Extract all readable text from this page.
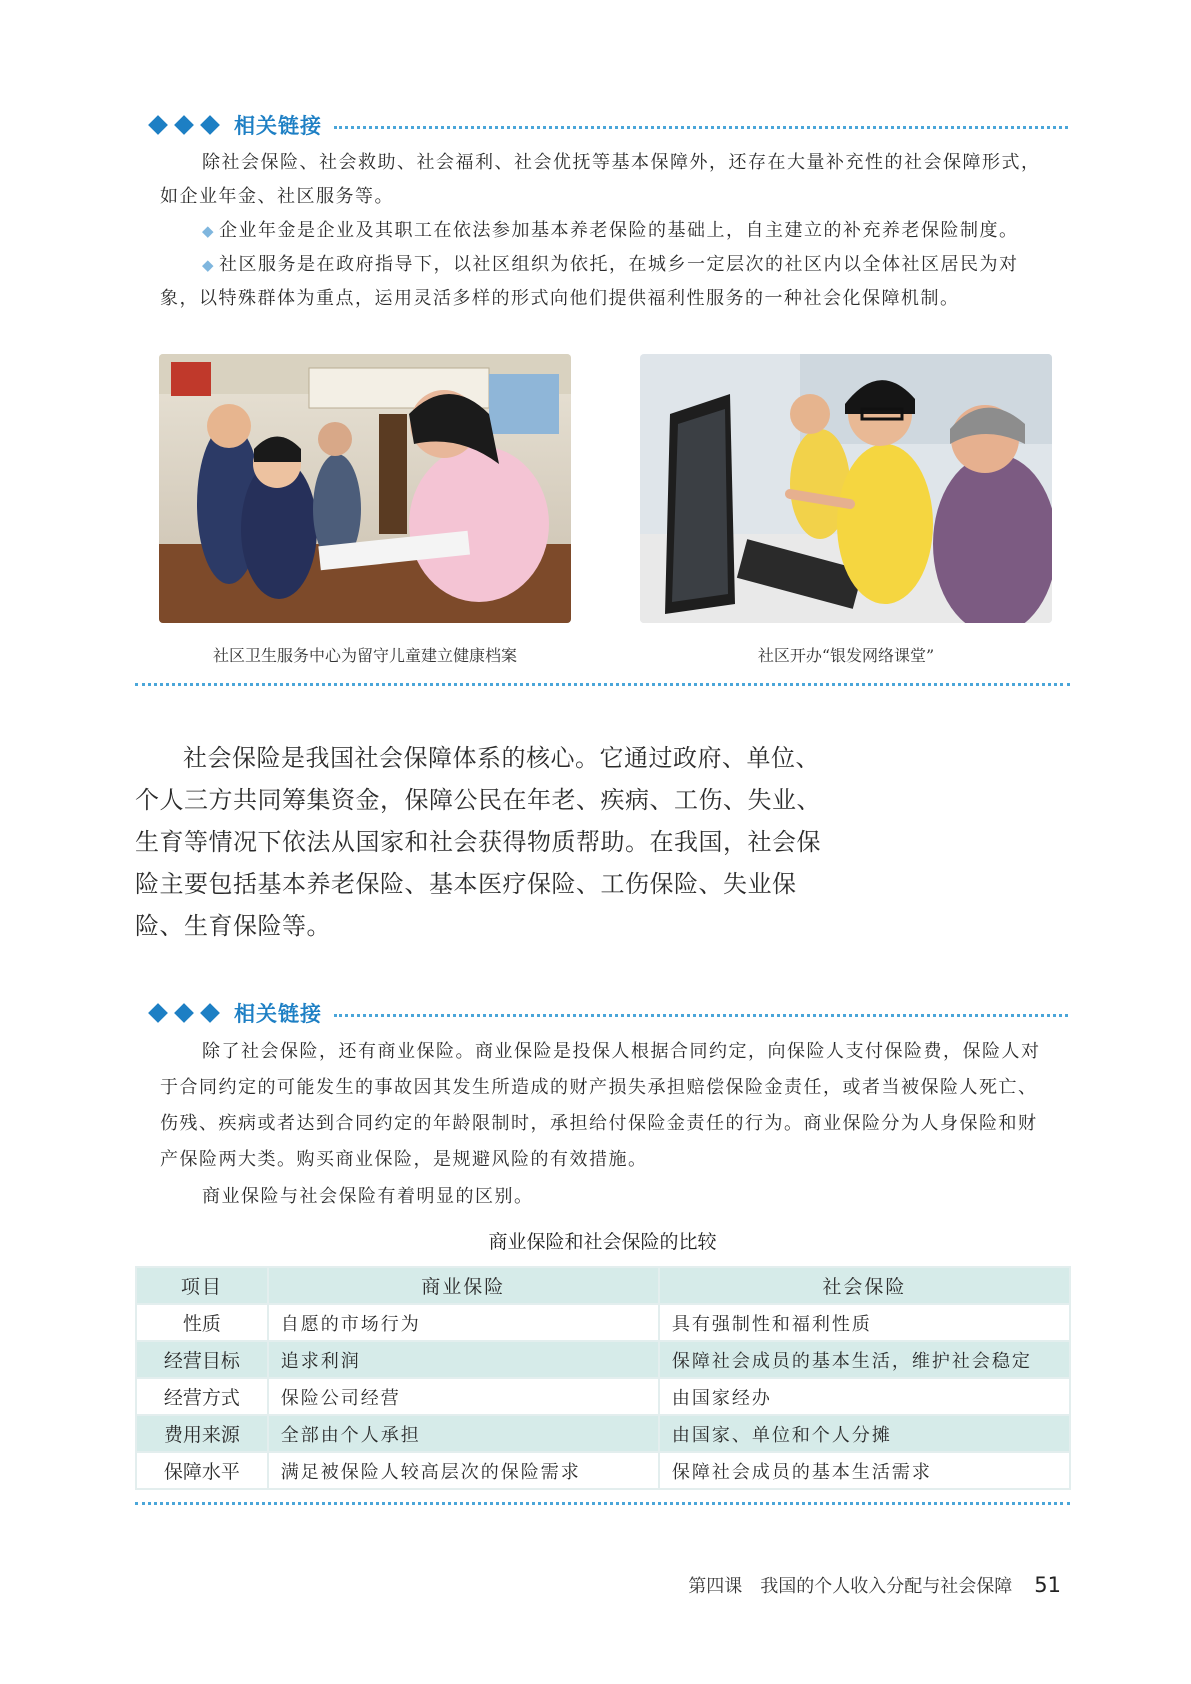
相关链接

除社会保险、社会救助、社会福利、社会优抚等基本保障外，还存在大量补充性的社会保障形式，如企业年金、社区服务等。

◆ 企业年金是企业及其职工在依法参加基本养老保险的基础上，自主建立的补充养老保险制度。

◆ 社区服务是在政府指导下，以社区组织为依托，在城乡一定层次的社区内以全体社区居民为对象，以特殊群体为重点，运用灵活多样的形式向他们提供福利性服务的一种社会化保障机制。

社区卫生服务中心为留守儿童建立健康档案	社区开办“银发网络课堂”

社会保险是我国社会保障体系的核心。它通过政府、单位、个人三方共同筹集资金，保障公民在年老、疾病、工伤、失业、生育等情况下依法从国家和社会获得物质帮助。在我国，社会保险主要包括基本养老保险、基本医疗保险、工伤保险、失业保险、生育保险等。

相关链接

除了社会保险，还有商业保险。商业保险是投保人根据合同约定，向保险人支付保险费，保险人对于合同约定的可能发生的事故因其发生所造成的财产损失承担赔偿保险金责任，或者当被保险人死亡、伤残、疾病或者达到合同约定的年龄限制时，承担给付保险金责任的行为。商业保险分为人身保险和财产保险两大类。购买商业保险，是规避风险的有效措施。

商业保险与社会保险有着明显的区别。

商业保险和社会保险的比较
项目	商业保险	社会保险
性质	自愿的市场行为	具有强制性和福利性质
经营目标	追求利润	保障社会成员的基本生活，维护社会稳定
经营方式	保险公司经营	由国家经办
费用来源	全部由个人承担	由国家、单位和个人分摊
保障水平	满足被保险人较高层次的保险需求	保障社会成员的基本生活需求
第四课　我国的个人收入分配与社会保障 51
